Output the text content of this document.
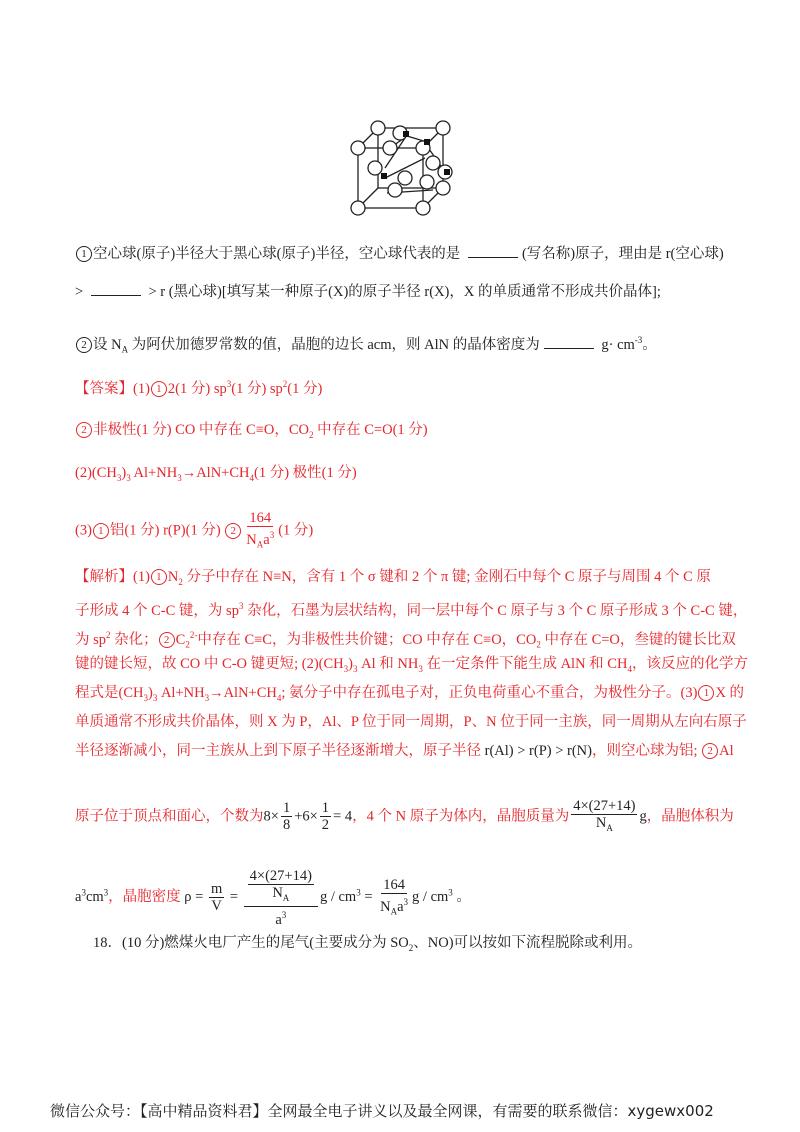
1 空心球(原子)半径大于黑心球(原子)半径，空心球代表的是	(写名称)原子，理由是 r(空心球)
>	> r (黑心球)[填写某一种原子(X)的原子半径 r(X)，X 的单质通常不形成共价晶体];
2 设 $N_A$ 为阿伏加德罗常数的值，晶胞的边长 acm，则 AlN 的晶体密度为	$g\cdot cm^{-3}$。
【答案】(1) 1 2(1 分) $sp^3(1$ 分) $sp^2(1$ 分)
2 非极性(1 分) CO 中存在 C≡O，$CO_2$ 中存在 C=O(1 分)
$(2)(CH_3)_3$ $Al+NH_3\to AlN+CH_4(1$ 分) 极性(1 分)
(3) 1 铝(1 分) r(P)(1 分) $2 \frac{164}{N_Aa^3} (1$ 分)
【解析】(1) 1 $N_2$ 分子中存在 N≡N，含有 1 个 σ 键和 2 个 π 键; 金刚石中每个 C 原子与周围 4 个 C 原
子形成 4 个 C-C 键，为 $sp^3$ 杂化，石墨为层状结构，同一层中每个 C 原子与 3 个 C 原子形成 3 个 C-C 键，
为 $sp^2$ 杂化； 2 $C_2^{2-}$中存在 C≡C，为非极性共价键；CO 中存在 C≡O，$CO_2$ 中存在 C=O，叁键的键长比双
键的键长短，故 CO 中 C-O 键更短; $(2)(CH_3)_3$ Al 和 $NH_3$ 在一定条件下能生成 AlN 和 $CH_4$，该反应的化学方
程式是$(CH_3)_3$ $Al+NH_3\to AlN+CH_4$; 氨分子中存在孤电子对，正负电荷重心不重合，为极性分子。(3) 1 X 的
单质通常不形成共价晶体，则 X 为 P，Al、P 位于同一周期，P、N 位于同一主族，同一周期从左向右原子
半径逐渐减小，同一主族从上到下原子半径逐渐增大，原子半径 r(Al) > r(P) > r(N)，则空心球为铝; 2 Al
原子位于顶点和面心，个数为$8\times \frac{1}{8} +6\times \frac{1}{2} = 4$，4 个 N 原子为体内，晶胞质量为 $\frac{4\times(27+14)}{N_A}$ g，晶胞体积为
$a^3cm^3$，晶胞密度 $\rho = \frac{m}{V} = \frac{\frac{4\times(27+14)}{N_A}}{a^3}$ $g / cm^3 = \frac{164}{N_Aa^3}$ g / $cm^3$ 。
18．(10 分)燃煤火电厂产生的尾气(主要成分为 $SO_2$、NO)可以按如下流程脱除或利用。
微信公众号：【高中精品资料君】全网最全电子讲义以及最全网课，有需要的联系微信：xygewx002
